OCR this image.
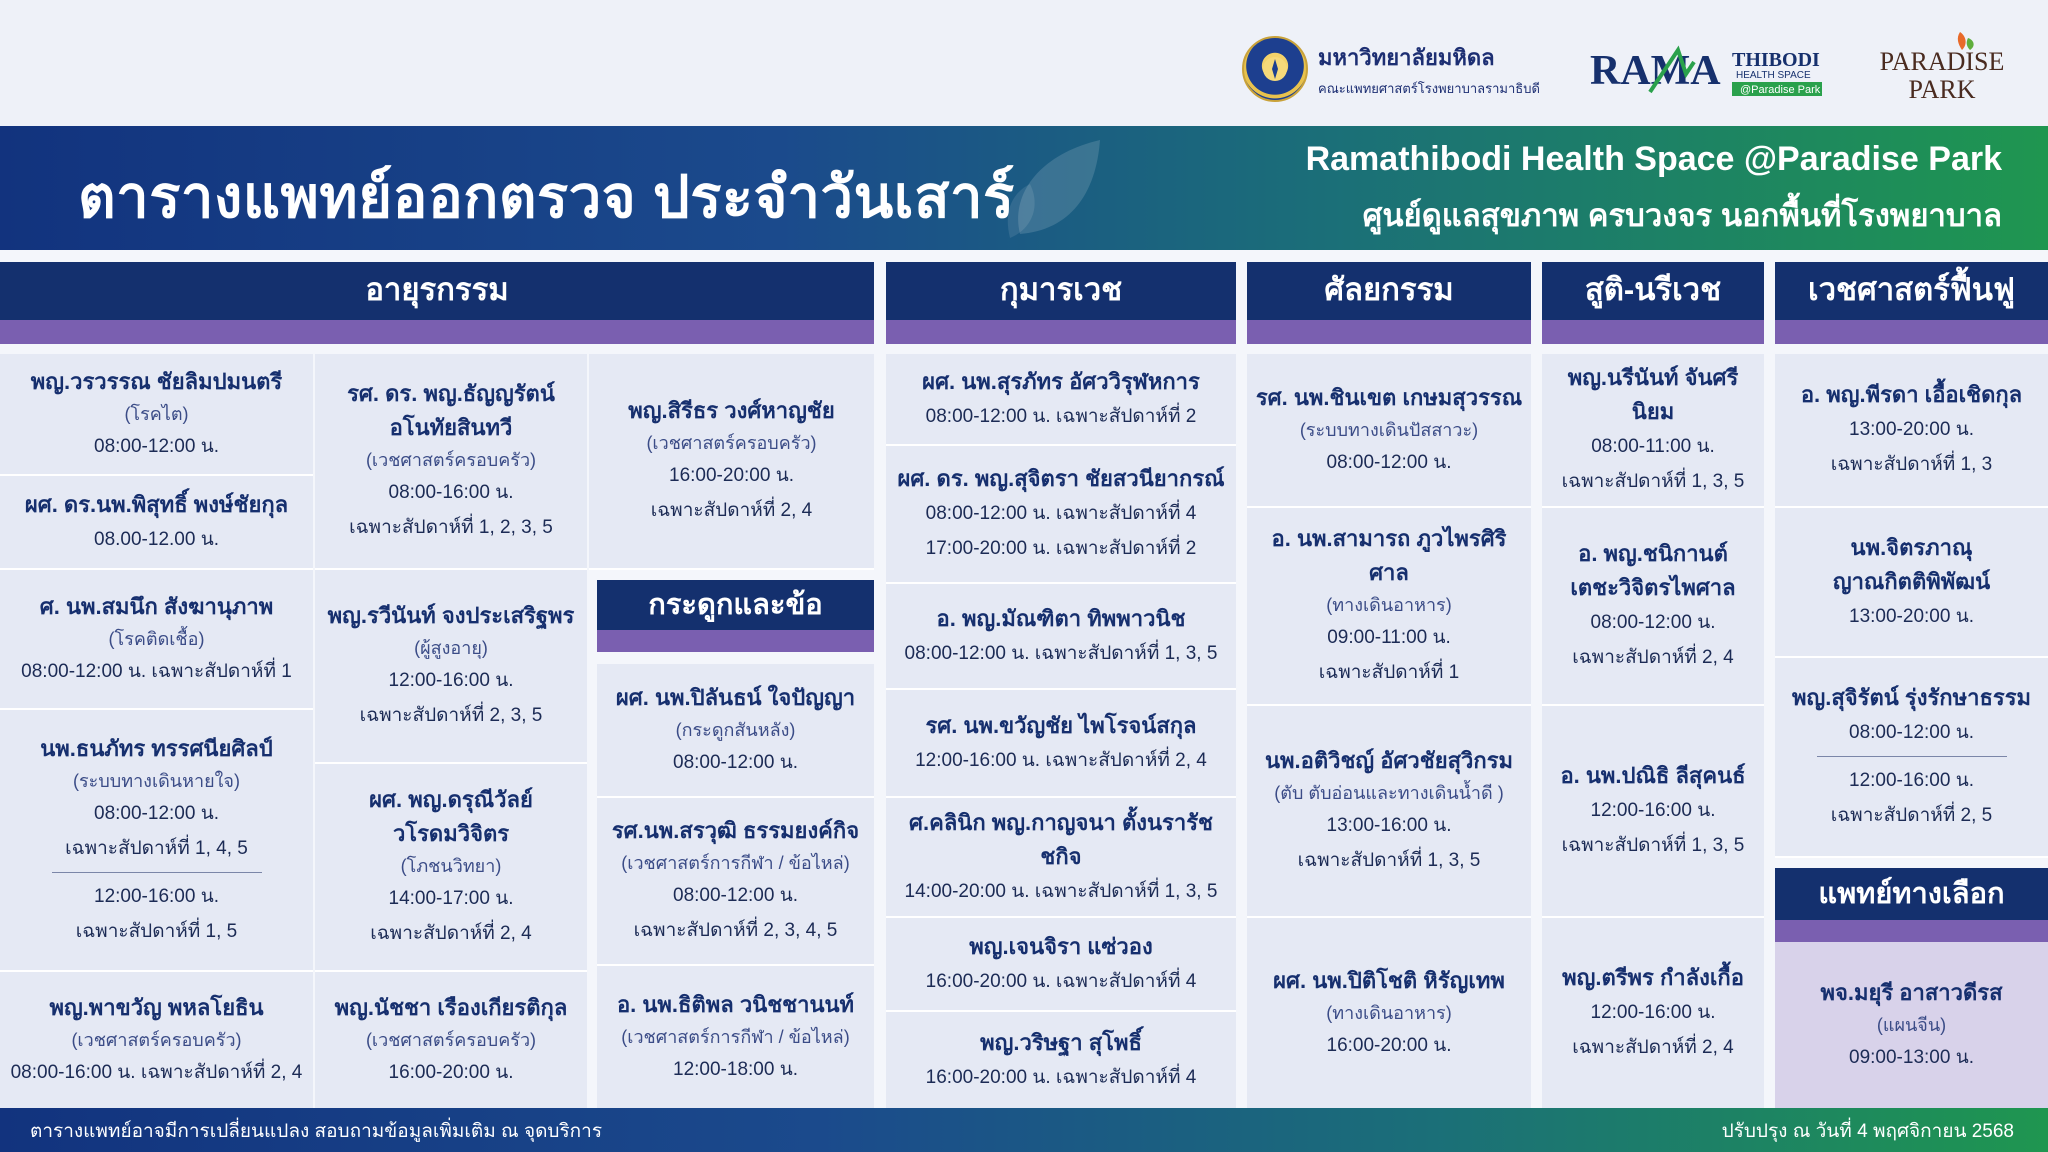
มหาวิทยาลัยมหิดล
คณะแพทยศาสตร์โรงพยาบาลรามาธิบดี RAMA THIBODI
HEALTH SPACE
@Paradise Park
PARADISE
PARK
ตารางแพทย์ออกตรวจ ประจำวันเสาร์
Ramathibodi Health Space @Paradise Park
ศูนย์ดูแลสุขภาพ ครบวงจร นอกพื้นที่โรงพยาบาล
อายุรกรรม	กุมารเวช	ศัลยกรรม	สูติ-นรีเวช	เวชศาสตร์ฟื้นฟู
พญ.วรวรรณ ชัยลิมปมนตรี
(โรคไต)
08:00-12:00 น.
ผศ. ดร.นพ.พิสุทธิ์ พงษ์ชัยกุล
08.00-12.00 น.
ศ. นพ.สมนึก สังฆานุภาพ
(โรคติดเชื้อ)
08:00-12:00 น. เฉพาะสัปดาห์ที่ 1
นพ.ธนภัทร ทรรศนียศิลป์
(ระบบทางเดินหายใจ)
08:00-12:00 น.
เฉพาะสัปดาห์ที่ 1, 4, 5
12:00-16:00 น.
เฉพาะสัปดาห์ที่ 1, 5
พญ.พาขวัญ พหลโยธิน
(เวชศาสตร์ครอบครัว)
08:00-16:00 น. เฉพาะสัปดาห์ที่ 2, 4
รศ. ดร. พญ.ธัญญรัตน์
อโนทัยสินทวี
(เวชศาสตร์ครอบครัว)
08:00-16:00 น.
เฉพาะสัปดาห์ที่ 1, 2, 3, 5
พญ.รวีนันท์ จงประเสริฐพร
(ผู้สูงอายุ)
12:00-16:00 น.
เฉพาะสัปดาห์ที่ 2, 3, 5
ผศ. พญ.ดรุณีวัลย์
วโรดมวิจิตร
(โภชนวิทยา)
14:00-17:00 น.
เฉพาะสัปดาห์ที่ 2, 4
พญ.นัชชา เรืองเกียรติกุล
(เวชศาสตร์ครอบครัว)
16:00-20:00 น.
พญ.สิรีธร วงศ์หาญชัย
(เวชศาสตร์ครอบครัว)
16:00-20:00 น.
เฉพาะสัปดาห์ที่ 2, 4
กระดูกและข้อ
ผศ. นพ.ปิลันธน์ ใจปัญญา
(กระดูกสันหลัง)
08:00-12:00 น.
รศ.นพ.สรวุฒิ ธรรมยงค์กิจ
(เวชศาสตร์การกีฬา / ข้อไหล่)
08:00-12:00 น.
เฉพาะสัปดาห์ที่ 2, 3, 4, 5
อ. นพ.ธิติพล วนิชชานนท์
(เวชศาสตร์การกีฬา / ข้อไหล่)
12:00-18:00 น.
ผศ. นพ.สุรภัทร อัศววิรุฬหการ
08:00-12:00 น. เฉพาะสัปดาห์ที่ 2
ผศ. ดร. พญ.สุจิตรา ชัยสวนียากรณ์
08:00-12:00 น. เฉพาะสัปดาห์ที่ 4
17:00-20:00 น. เฉพาะสัปดาห์ที่ 2
อ. พญ.มัณฑิตา ทิพพาวนิช
08:00-12:00 น. เฉพาะสัปดาห์ที่ 1, 3, 5
รศ. นพ.ขวัญชัย ไพโรจน์สกุล
12:00-16:00 น. เฉพาะสัปดาห์ที่ 2, 4
ศ.คลินิก พญ.กาญจนา ตั้งนรารัชชกิจ
14:00-20:00 น. เฉพาะสัปดาห์ที่ 1, 3, 5
พญ.เจนจิรา แซ่วอง
16:00-20:00 น. เฉพาะสัปดาห์ที่ 4
พญ.วริษฐา สุโพธิ์
16:00-20:00 น. เฉพาะสัปดาห์ที่ 4
รศ. นพ.ชินเขต เกษมสุวรรณ
(ระบบทางเดินปัสสาวะ)
08:00-12:00 น.
อ. นพ.สามารถ ภูวไพรศิริศาล
(ทางเดินอาหาร)
09:00-11:00 น.
เฉพาะสัปดาห์ที่ 1
นพ.อติวิชญ์ อัศวชัยสุวิกรม
(ตับ ตับอ่อนและทางเดินน้ำดี )
13:00-16:00 น.
เฉพาะสัปดาห์ที่ 1, 3, 5
ผศ. นพ.ปิติโชติ หิรัญเทพ
(ทางเดินอาหาร)
16:00-20:00 น.
พญ.นรีนันท์ จันศรีนิยม
08:00-11:00 น.
เฉพาะสัปดาห์ที่ 1, 3, 5
อ. พญ.ชนิกานต์
เตชะวิจิตรไพศาล
08:00-12:00 น.
เฉพาะสัปดาห์ที่ 2, 4
อ. นพ.ปณิธิ ลีสุคนธ์
12:00-16:00 น.
เฉพาะสัปดาห์ที่ 1, 3, 5
พญ.ตรีพร กำลังเกื้อ
12:00-16:00 น.
เฉพาะสัปดาห์ที่ 2, 4
อ. พญ.พีรดา เอื้อเชิดกุล
13:00-20:00 น.
เฉพาะสัปดาห์ที่ 1, 3
นพ.จิตรภาณุ
ญาณกิตติพิพัฒน์
13:00-20:00 น.
พญ.สุจิรัตน์ รุ่งรักษาธรรม
08:00-12:00 น.
12:00-16:00 น.
เฉพาะสัปดาห์ที่ 2, 5
แพทย์ทางเลือก
พจ.มยุรี อาสาวดีรส
(แผนจีน)
09:00-13:00 น.
ตารางแพทย์อาจมีการเปลี่ยนแปลง สอบถามข้อมูลเพิ่มเติม ณ จุดบริการ	ปรับปรุง ณ วันที่ 4 พฤศจิกายน 2568
